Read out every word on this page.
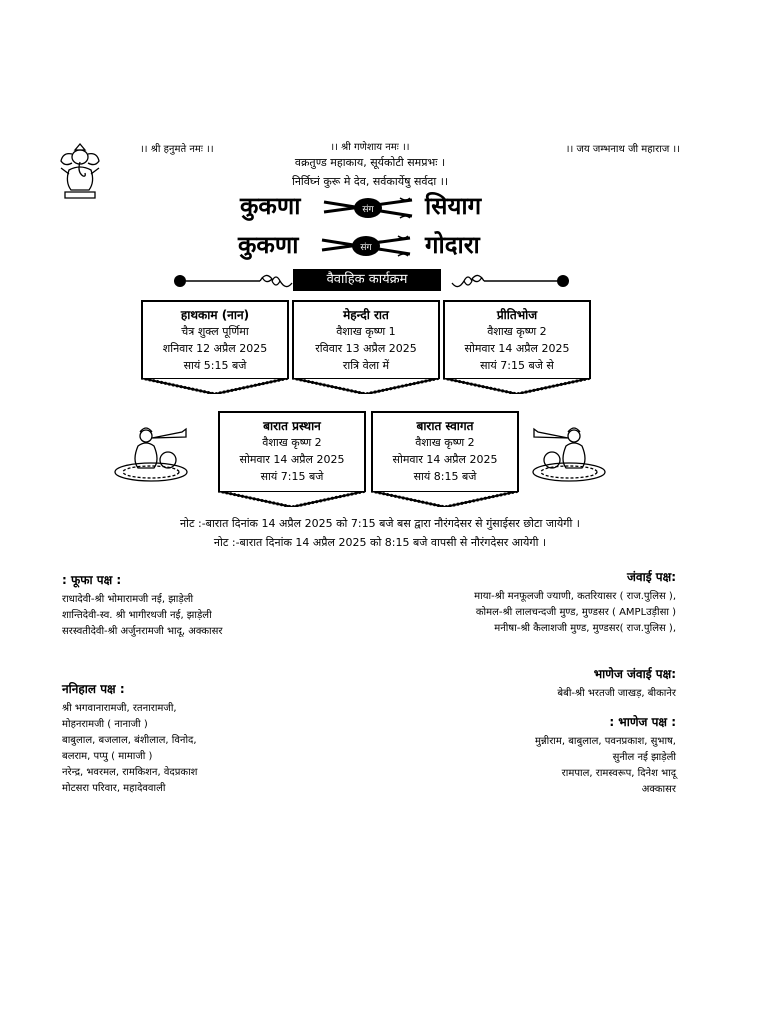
।। श्री हनुमते नमः ।।	।। श्री गणेशाय नमः ।।	।। जय जम्भनाथ जी महाराज ।।
वक्रतुण्ड महाकाय, सूर्यकोटी समप्रभः ।
निर्विघ्नं कुरू मे देव, सर्वकार्येषु सर्वदा ।।
कुकणा	सियाग
कुकणा	गोदारा
संग
संग
वैवाहिक कार्यक्रम
हाथकाम (नान)
चैत्र शुक्ल पूर्णिमा
शनिवार 12 अप्रैल 2025
सायं 5:15 बजे
मेहन्दी रात
वैशाख कृष्ण 1
रविवार 13 अप्रैल 2025
रात्रि वेला में
प्रीतिभोज
वैशाख कृष्ण 2
सोमवार 14 अप्रैल 2025
सायं 7:15 बजे से
बारात प्रस्थान
वैशाख कृष्ण 2
सोमवार 14 अप्रैल 2025
सायं 7:15 बजे
बारात स्वागत
वैशाख कृष्ण 2
सोमवार 14 अप्रैल 2025
सायं 8:15 बजे
नोट :-बारात दिनांक 14 अप्रैल 2025 को 7:15 बजे बस द्वारा नौरंगदेसर से गुंसाईसर छोटा जायेगी ।
नोट :-बारात दिनांक 14 अप्रैल 2025 को 8:15 बजे वापसी से नौरंगदेसर आयेगी ।
: फूफा पक्ष :
राधादेवी-श्री भोमारामजी नई, झाड़ेली
शान्तिदेवी-स्व. श्री भागीरथजी नई, झाड़ेली
सरस्वतीदेवी-श्री अर्जुनरामजी भादू, अक्कासर
जंवाई पक्ष:
माया-श्री मनफूलजी ज्याणी, कतरियासर ( राज.पुलिस ),
कोमल-श्री लालचन्दजी मुण्ड, मुण्डसर ( AMPLउड़ीसा )
मनीषा-श्री कैलाशजी मुण्ड, मुण्डसर( राज.पुलिस ),
भाणेज जंवाई पक्ष:
बेबी-श्री भरतजी जाखड़, बीकानेर
ननिहाल पक्ष :
श्री भगवानारामजी, रतनारामजी,
मोहनरामजी ( नानाजी )
बाबुलाल, बजलाल, बंशीलाल, विनोद,
बलराम, पप्पु ( मामाजी )
नरेन्द्र, भवरमल, रामकिशन, वेदप्रकाश
मोटसरा परिवार, महादेववाली
: भाणेज पक्ष :
मुन्नीराम, बाबुलाल, पवनप्रकाश, सुभाष,
सुनील नई झाड़ेली
रामपाल, रामस्वरूप, दिनेश भादू
अक्कासर
